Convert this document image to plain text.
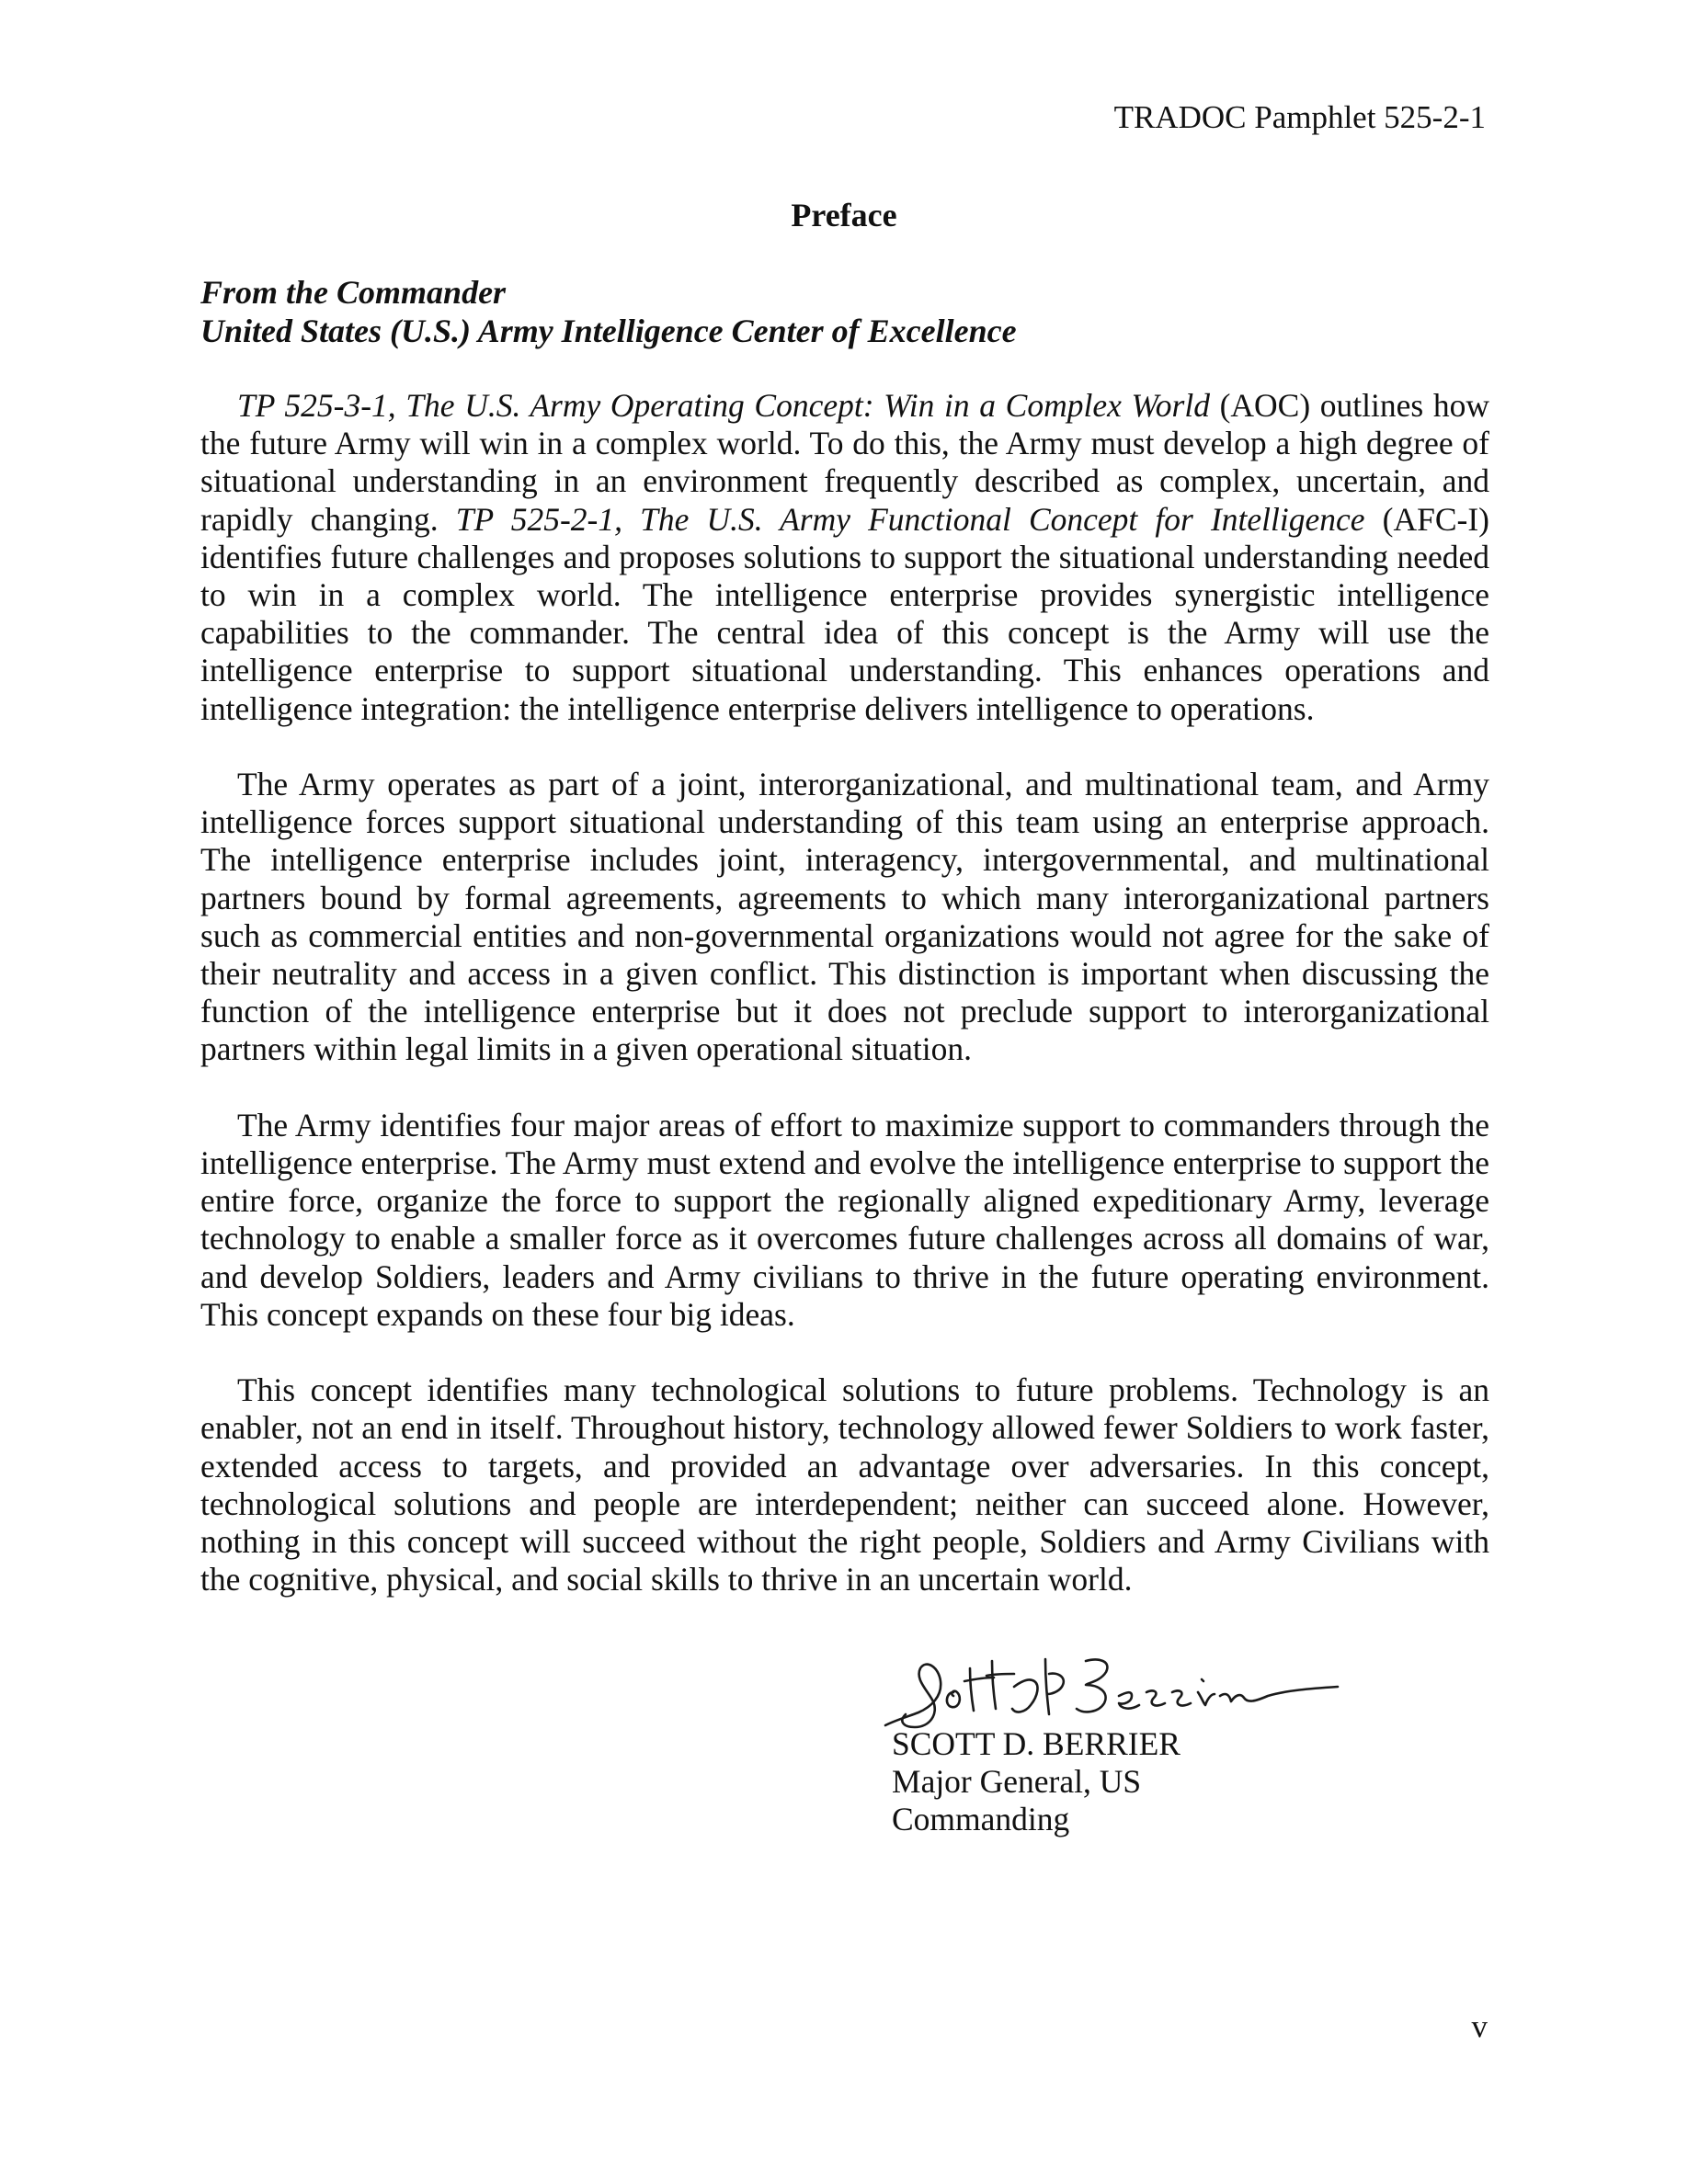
TRADOC Pamphlet 525-2-1
Preface
From the Commander
United States (U.S.) Army Intelligence Center of Excellence

TP 525-3-1, The U.S. Army Operating Concept: Win in a Complex World (AOC) outlines how the future Army will win in a complex world. To do this, the Army must develop a high degree of situational understanding in an environment frequently described as complex, uncertain, and rapidly changing. TP 525-2-1, The U.S. Army Functional Concept for Intelligence (AFC-I) identifies future challenges and proposes solutions to support the situational understanding needed to win in a complex world. The intelligence enterprise provides synergistic intelligence capabilities to the commander. The central idea of this concept is the Army will use the intelligence enterprise to support situational understanding. This enhances operations and intelligence integration: the intelligence enterprise delivers intelligence to operations.

The Army operates as part of a joint, interorganizational, and multinational team, and Army intelligence forces support situational understanding of this team using an enterprise approach. The intelligence enterprise includes joint, interagency, intergovernmental, and multinational partners bound by formal agreements, agreements to which many interorganizational partners such as commercial entities and non-governmental organizations would not agree for the sake of their neutrality and access in a given conflict. This distinction is important when discussing the function of the intelligence enterprise but it does not preclude support to interorganizational partners within legal limits in a given operational situation.

The Army identifies four major areas of effort to maximize support to commanders through the intelligence enterprise. The Army must extend and evolve the intelligence enterprise to support the entire force, organize the force to support the regionally aligned expeditionary Army, leverage technology to enable a smaller force as it overcomes future challenges across all domains of war, and develop Soldiers, leaders and Army civilians to thrive in the future operating environment. This concept expands on these four big ideas.

This concept identifies many technological solutions to future problems. Technology is an enabler, not an end in itself. Throughout history, technology allowed fewer Soldiers to work faster, extended access to targets, and provided an advantage over adversaries. In this concept, technological solutions and people are interdependent; neither can succeed alone. However, nothing in this concept will succeed without the right people, Soldiers and Army Civilians with the cognitive, physical, and social skills to thrive in an uncertain world.

SCOTT D. BERRIER
Major General, US
Commanding
v
